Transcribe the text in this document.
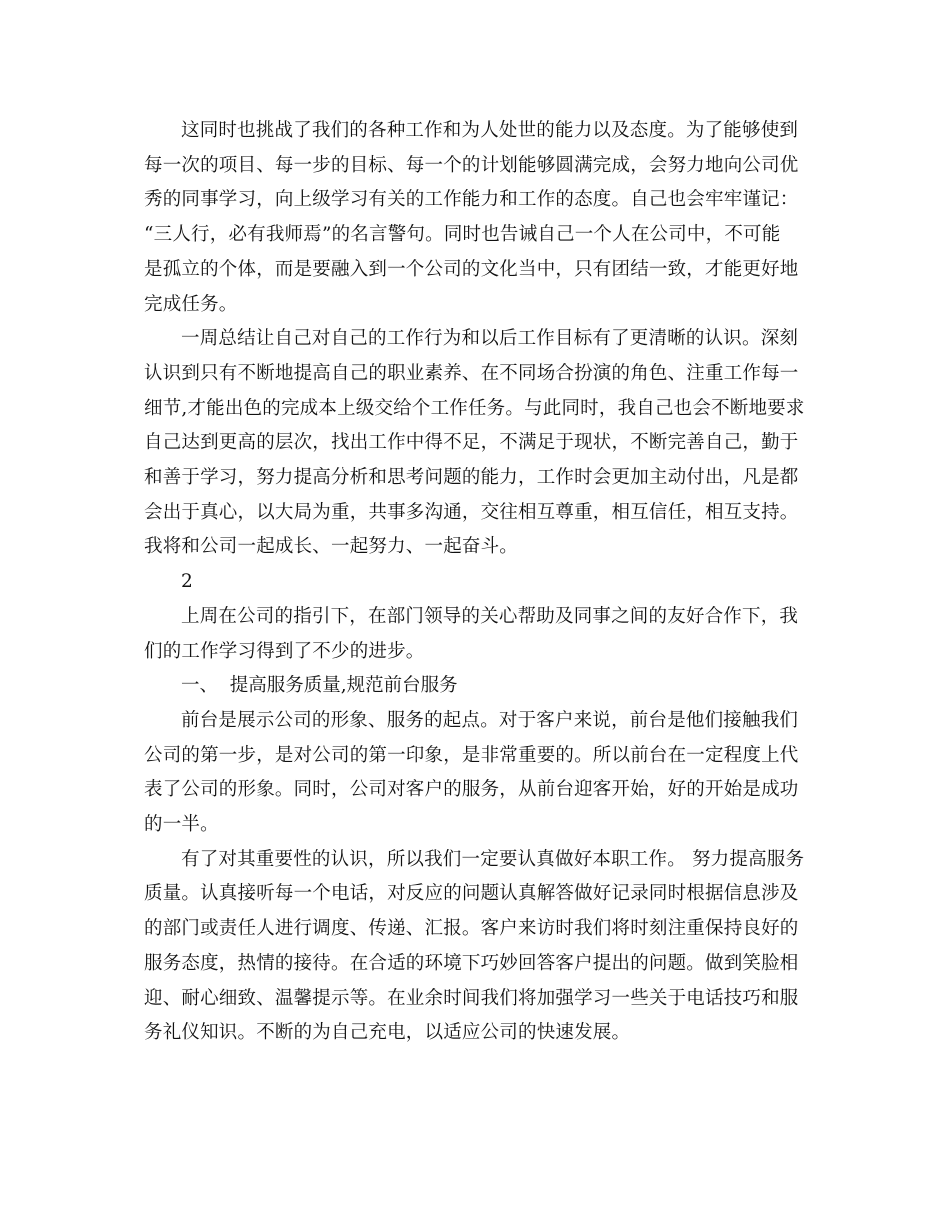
这同时也挑战了我们的各种工作和为人处世的能力以及态度。为了能够使到
每一次的项目、每一步的目标、每一个的计划能够圆满完成，会努力地向公司优
秀的同事学习，向上级学习有关的工作能力和工作的态度。自己也会牢牢谨记：
“三人行，必有我师焉”的名言警句。同时也告诫自己一个人在公司中，不可能
是孤立的个体，而是要融入到一个公司的文化当中，只有团结一致，才能更好地
完成任务。
一周总结让自己对自己的工作行为和以后工作目标有了更清晰的认识。深刻
认识到只有不断地提高自己的职业素养、在不同场合扮演的角色、注重工作每一
细节,才能出色的完成本上级交给个工作任务。与此同时，我自己也会不断地要求
自己达到更高的层次，找出工作中得不足，不满足于现状，不断完善自己，勤于
和善于学习，努力提高分析和思考问题的能力，工作时会更加主动付出，凡是都
会出于真心，以大局为重，共事多沟通，交往相互尊重，相互信任，相互支持。
我将和公司一起成长、一起努力、一起奋斗。
2
上周在公司的指引下，在部门领导的关心帮助及同事之间的友好合作下，我
们的工作学习得到了不少的进步。
一、  提高服务质量,规范前台服务
前台是展示公司的形象、服务的起点。对于客户来说，前台是他们接触我们
公司的第一步，是对公司的第一印象，是非常重要的。所以前台在一定程度上代
表了公司的形象。同时，公司对客户的服务，从前台迎客开始，好的开始是成功
的一半。
有了对其重要性的认识，所以我们一定要认真做好本职工作。 努力提高服务
质量。认真接听每一个电话，对反应的问题认真解答做好记录同时根据信息涉及
的部门或责任人进行调度、传递、汇报。客户来访时我们将时刻注重保持良好的
服务态度，热情的接待。在合适的环境下巧妙回答客户提出的问题。做到笑脸相
迎、耐心细致、温馨提示等。在业余时间我们将加强学习一些关于电话技巧和服
务礼仪知识。不断的为自己充电，以适应公司的快速发展。
